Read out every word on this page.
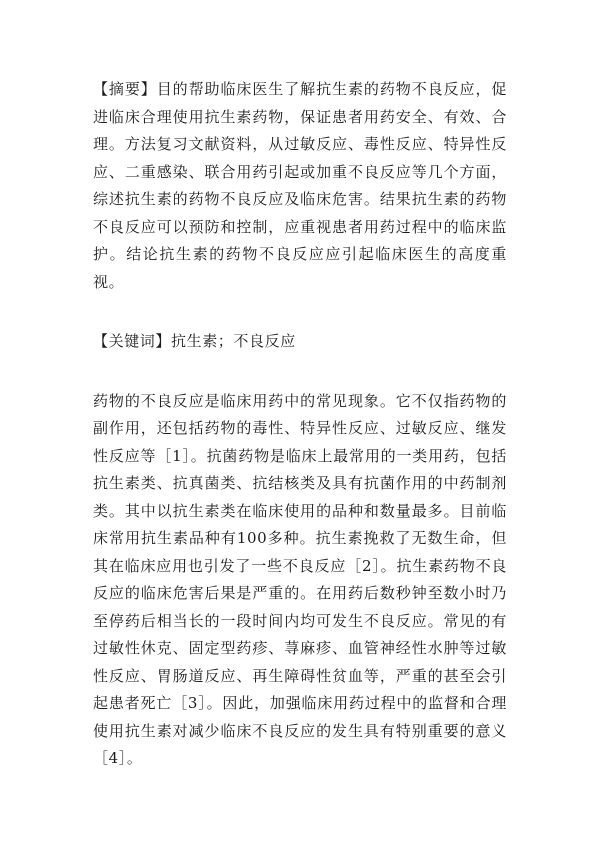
【摘要】目的帮助临床医生了解抗生素的药物不良反应，促进临床合理使用抗生素药物，保证患者用药安全、有效、合理。方法复习文献资料，从过敏反应、毒性反应、特异性反应、二重感染、联合用药引起或加重不良反应等几个方面，综述抗生素的药物不良反应及临床危害。结果抗生素的药物不良反应可以预防和控制，应重视患者用药过程中的临床监护。结论抗生素的药物不良反应应引起临床医生的高度重视。

【关键词】抗生素；不良反应

药物的不良反应是临床用药中的常见现象。它不仅指药物的副作用，还包括药物的毒性、特异性反应、过敏反应、继发性反应等［1］。抗菌药物是临床上最常用的一类用药，包括抗生素类、抗真菌类、抗结核类及具有抗菌作用的中药制剂类。其中以抗生素类在临床使用的品种和数量最多。目前临床常用抗生素品种有100多种。抗生素挽救了无数生命，但其在临床应用也引发了一些不良反应［2］。抗生素药物不良反应的临床危害后果是严重的。在用药后数秒钟至数小时乃至停药后相当长的一段时间内均可发生不良反应。常见的有过敏性休克、固定型药疹、荨麻疹、血管神经性水肿等过敏性反应、胃肠道反应、再生障碍性贫血等，严重的甚至会引起患者死亡［3］。因此，加强临床用药过程中的监督和合理使用抗生素对减少临床不良反应的发生具有特别重要的意义［4］。
